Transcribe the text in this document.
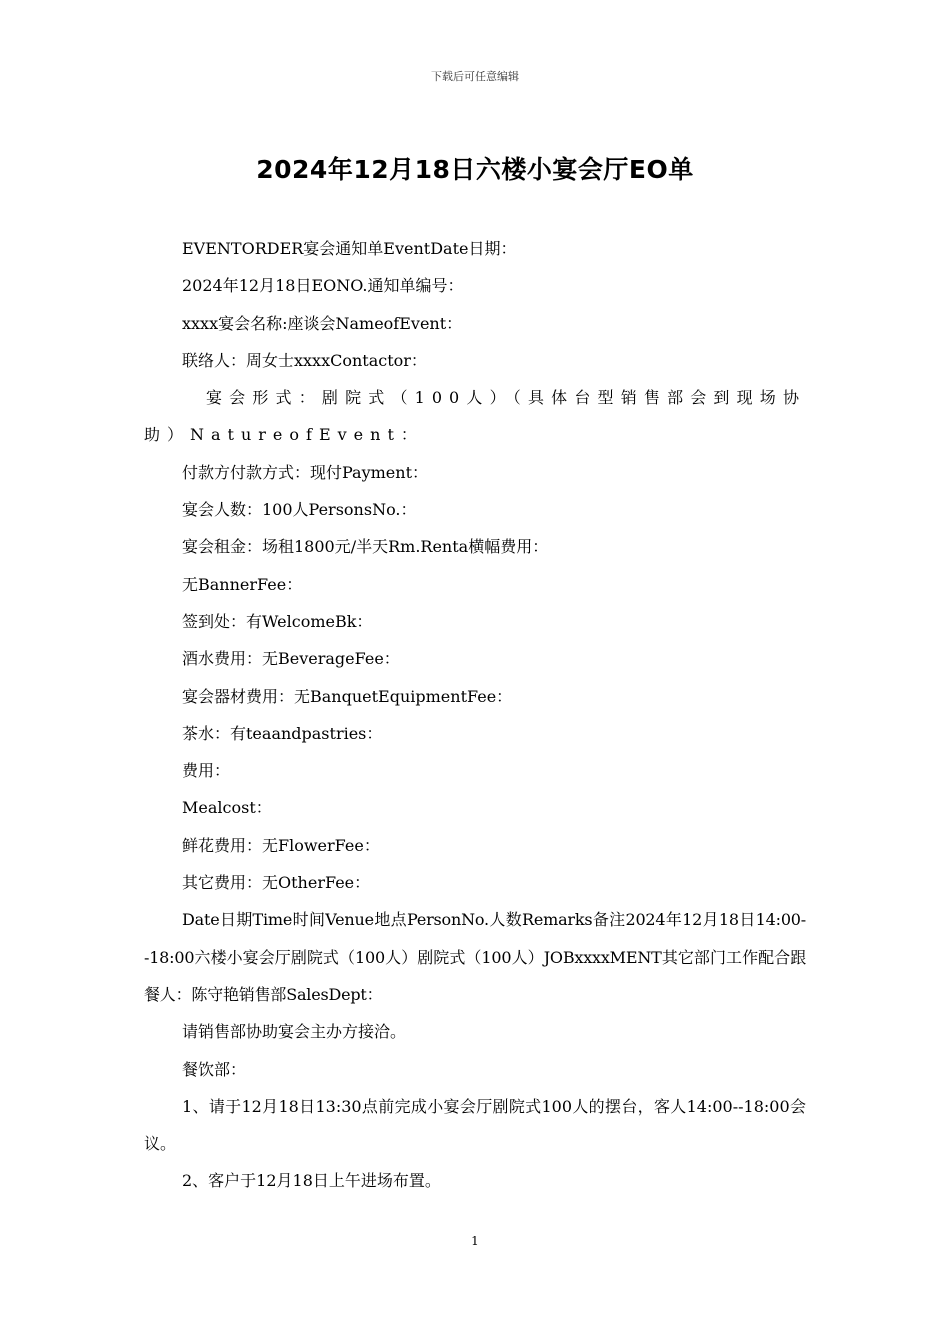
下载后可任意编辑
2024年12月18日六楼小宴会厅EO单

EVENTORDER宴会通知单EventDate日期：

2024年12月18日EONO.通知单编号：

xxxx宴会名称:座谈会NameofEvent：

联络人：周女士xxxxContactor：

宴会形式：剧院式（100人）（具体台型销售部会到现场协助）NatureofEvent：

付款方付款方式：现付Payment：

宴会人数：100人PersonsNo.：

宴会租金：场租1800元/半天Rm.Renta横幅费用：

无BannerFee：

签到处：有WelcomeBk：

酒水费用：无BeverageFee：

宴会器材费用：无BanquetEquipmentFee：

茶水：有teaandpastries：

费用：

Mealcost：

鲜花费用：无FlowerFee：

其它费用：无OtherFee：

Date日期Time时间Venue地点PersonNo.人数Remarks备注2024年12月18日14:00--18:00六楼小宴会厅剧院式（100人）剧院式（100人）JOBxxxxMENT其它部门工作配合跟餐人：陈守艳销售部SalesDept：

请销售部协助宴会主办方接洽。

餐饮部：

1、请于12月18日13:30点前完成小宴会厅剧院式100人的摆台，客人14:00--18:00会议。

2、客户于12月18日上午进场布置。

1
